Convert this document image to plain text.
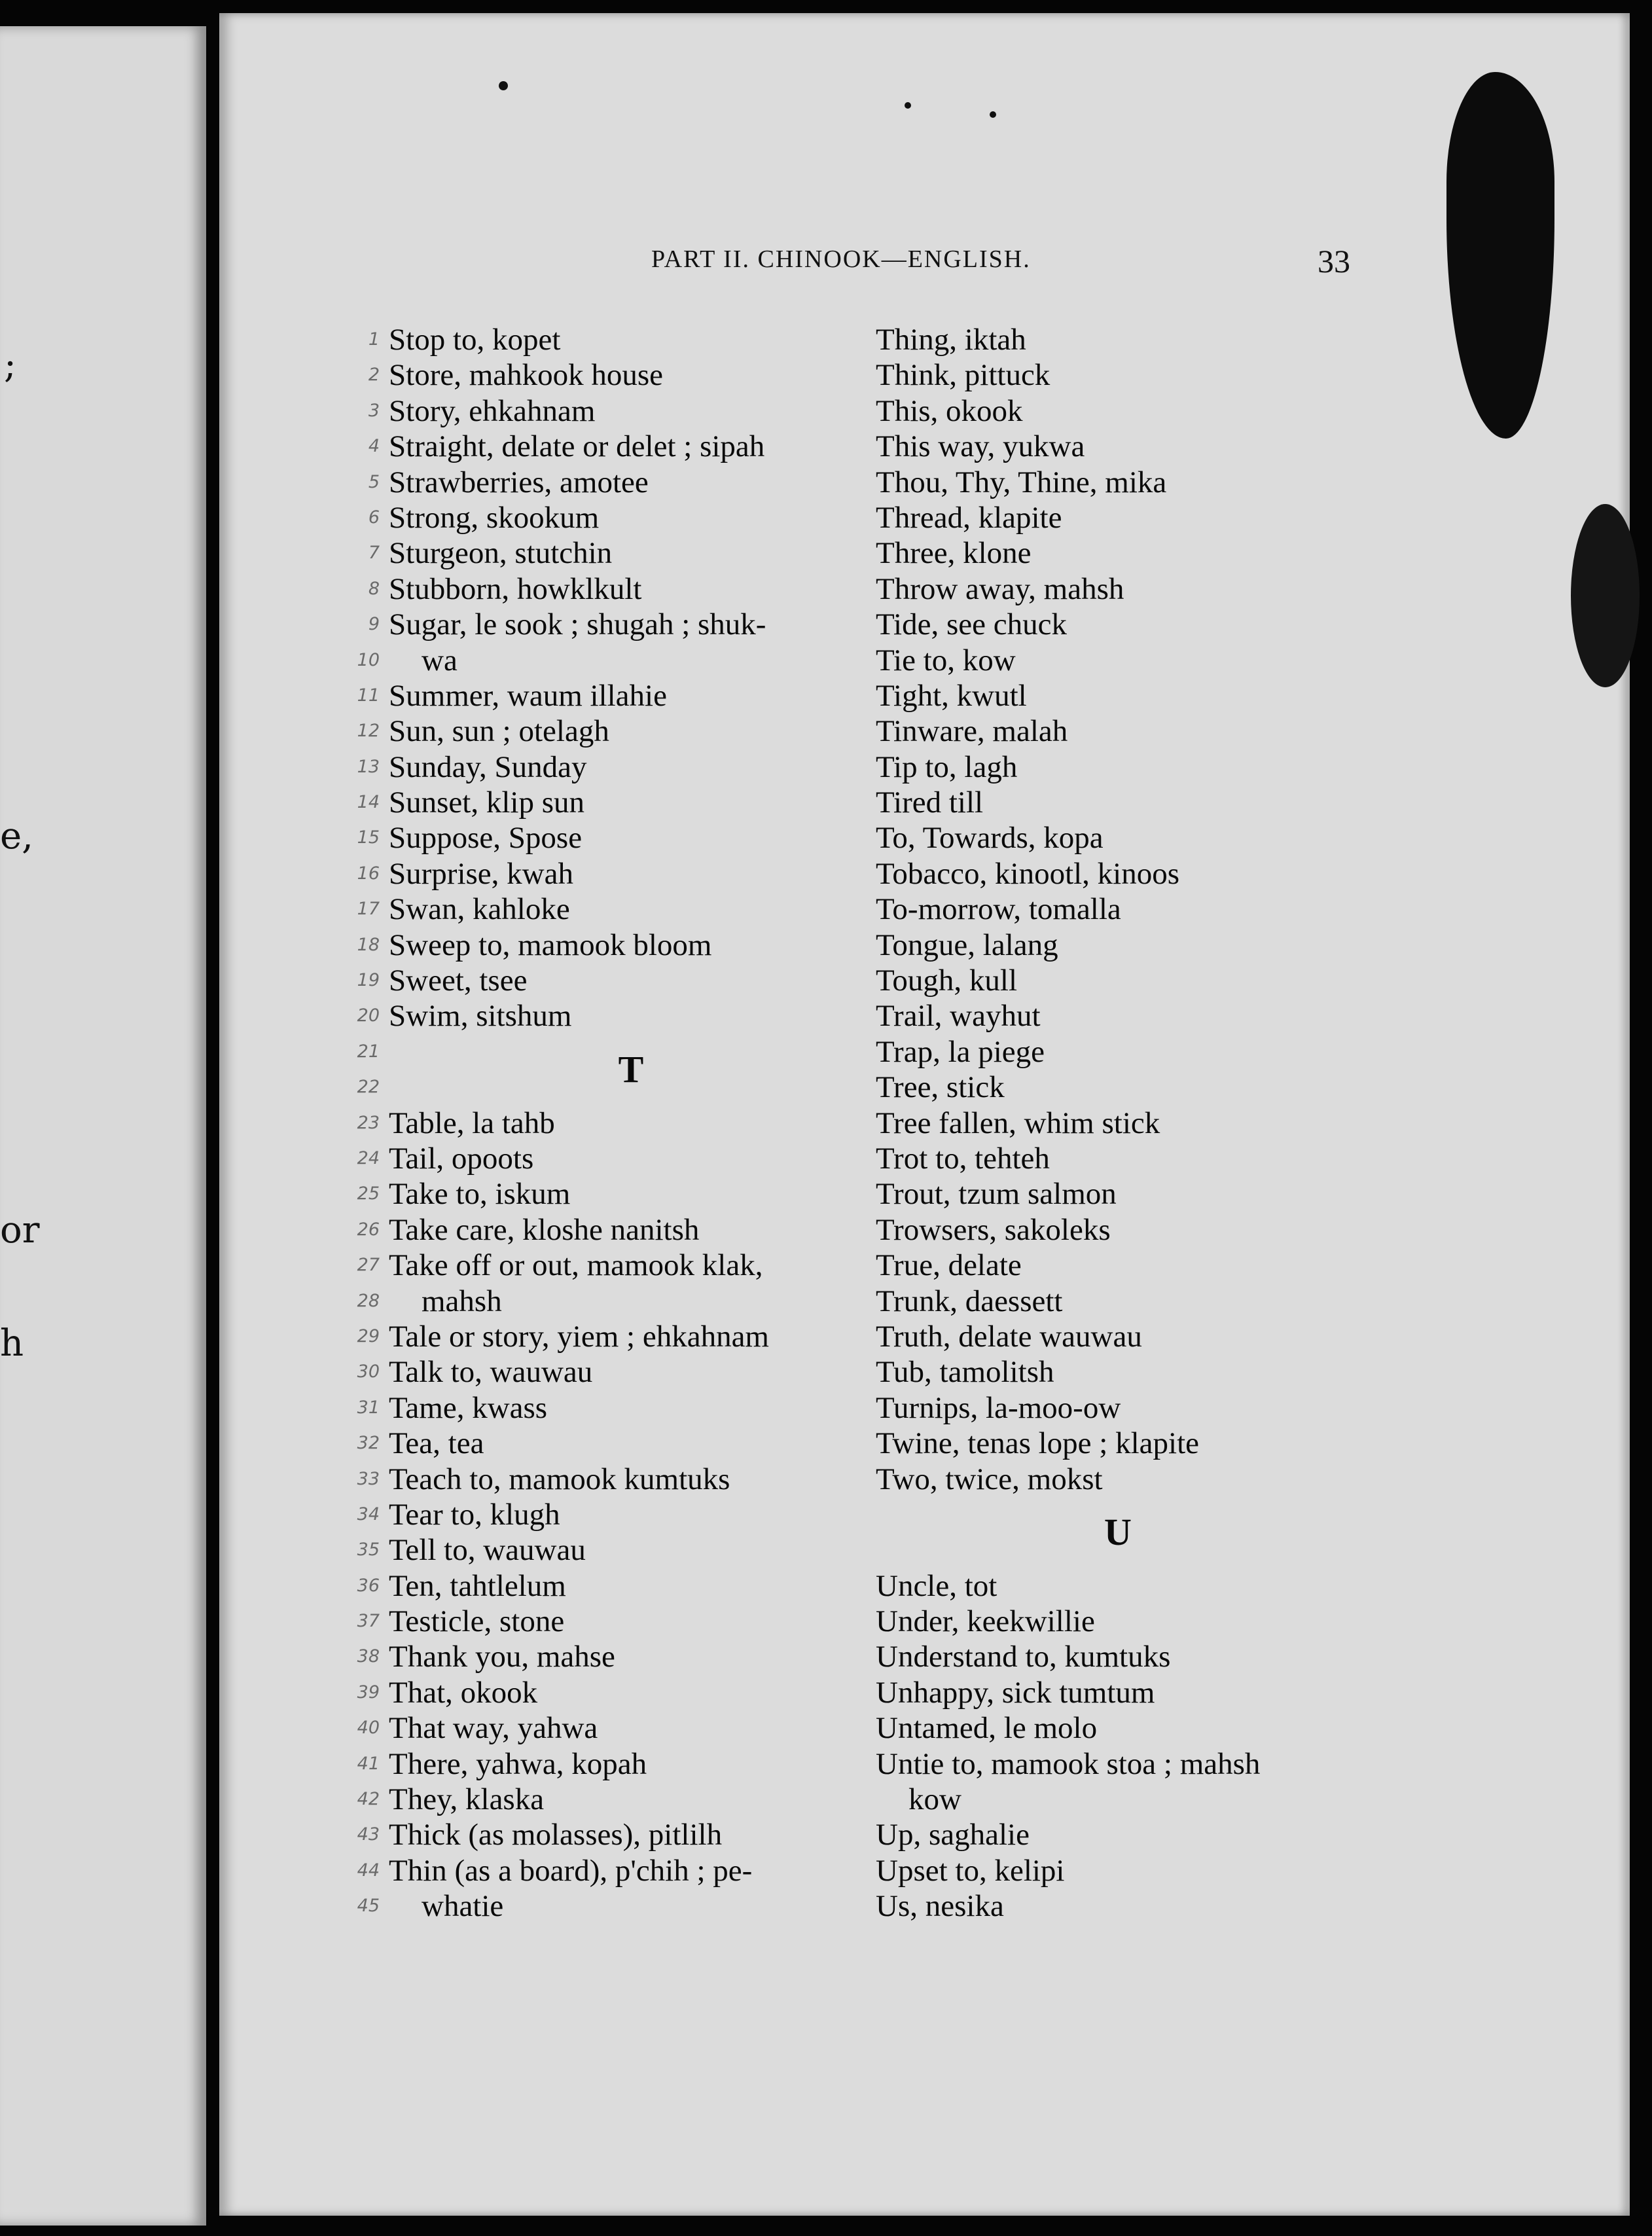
;
e,
or
h
PART II. CHINOOK—ENGLISH.	33
1
2
3
4
5
6
7
8
9
10
11
12
13
14
15
16
17
18
19
20
21
22
23
24
25
26
27
28
29
30
31
32
33
34
35
36
37
38
39
40
41
42
43
44
45
Stop to, kopet
Store, mahkook house
Story, ehkahnam
Straight, delate or delet ; sipah
Strawberries, amotee
Strong, skookum
Sturgeon, stutchin
Stubborn, howklkult
Sugar, le sook ; shugah ; shuk-
wa
Summer, waum illahie
Sun, sun ; otelagh
Sunday, Sunday
Sunset, klip sun
Suppose, Spose
Surprise, kwah
Swan, kahloke
Sweep to, mamook bloom
Sweet, tsee
Swim, sitshum
T
Table, la tahb
Tail, opoots
Take to, iskum
Take care, kloshe nanitsh
Take off or out, mamook klak,
mahsh
Tale or story, yiem ; ehkahnam
Talk to, wauwau
Tame, kwass
Tea, tea
Teach to, mamook kumtuks
Tear to, klugh
Tell to, wauwau
Ten, tahtlelum
Testicle, stone
Thank you, mahse
That, okook
That way, yahwa
There, yahwa, kopah
They, klaska
Thick (as molasses), pitlilh
Thin (as a board), p'chih ; pe-
whatie
Thing, iktah
Think, pittuck
This, okook
This way, yukwa
Thou, Thy, Thine, mika
Thread, klapite
Three, klone
Throw away, mahsh
Tide, see chuck
Tie to, kow
Tight, kwutl
Tinware, malah
Tip to, lagh
Tired till
To, Towards, kopa
Tobacco, kinootl, kinoos
To-morrow, tomalla
Tongue, lalang
Tough, kull
Trail, wayhut
Trap, la piege
Tree, stick
Tree fallen, whim stick
Trot to, tehteh
Trout, tzum salmon
Trowsers, sakoleks
True, delate
Trunk, daessett
Truth, delate wauwau
Tub, tamolitsh
Turnips, la-moo-ow
Twine, tenas lope ; klapite
Two, twice, mokst
U
Uncle, tot
Under, keekwillie
Understand to, kumtuks
Unhappy, sick tumtum
Untamed, le molo
Untie to, mamook stoa ; mahsh
kow
Up, saghalie
Upset to, kelipi
Us, nesika
